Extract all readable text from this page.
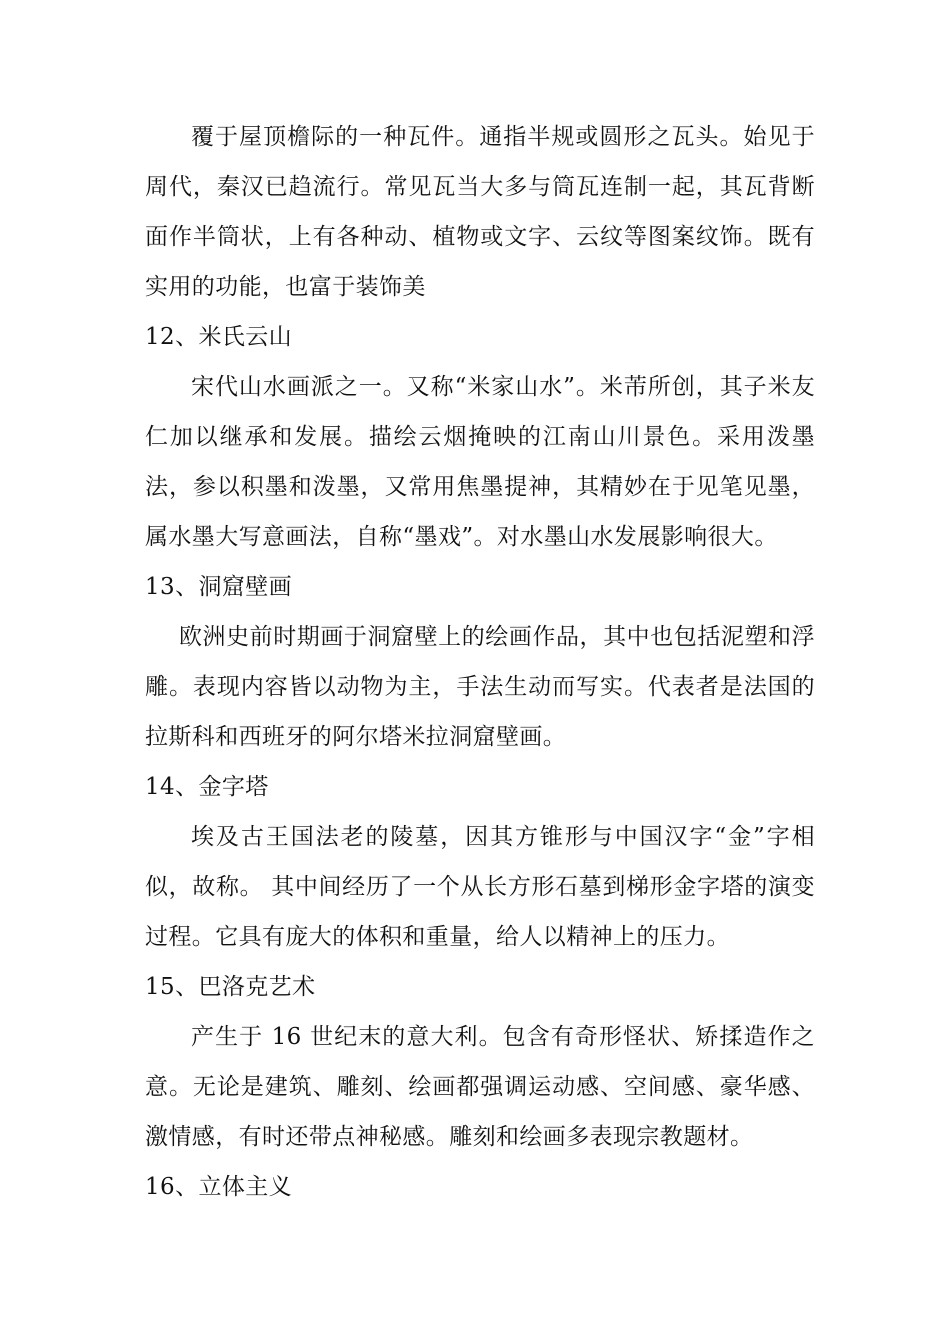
覆于屋顶檐际的一种瓦件。通指半规或圆形之瓦头。始见于周代，秦汉已趋流行。常见瓦当大多与筒瓦连制一起，其瓦背断面作半筒状，上有各种动、植物或文字、云纹等图案纹饰。既有实用的功能，也富于装饰美

12、米氏云山

宋代山水画派之一。又称“米家山水”。米芾所创，其子米友仁加以继承和发展。描绘云烟掩映的江南山川景色。采用泼墨法，参以积墨和泼墨，又常用焦墨提神，其精妙在于见笔见墨，属水墨大写意画法，自称“墨戏”。对水墨山水发展影响很大。

13、洞窟壁画

欧洲史前时期画于洞窟壁上的绘画作品，其中也包括泥塑和浮雕。表现内容皆以动物为主，手法生动而写实。代表者是法国的拉斯科和西班牙的阿尔塔米拉洞窟壁画。

14、金字塔

埃及古王国法老的陵墓，因其方锥形与中国汉字“金”字相似，故称。 其中间经历了一个从长方形石墓到梯形金字塔的演变过程。它具有庞大的体积和重量，给人以精神上的压力。

15、巴洛克艺术

产生于 16 世纪末的意大利。包含有奇形怪状、矫揉造作之意。无论是建筑、雕刻、绘画都强调运动感、空间感、豪华感、激情感，有时还带点神秘感。雕刻和绘画多表现宗教题材。

16、立体主义
